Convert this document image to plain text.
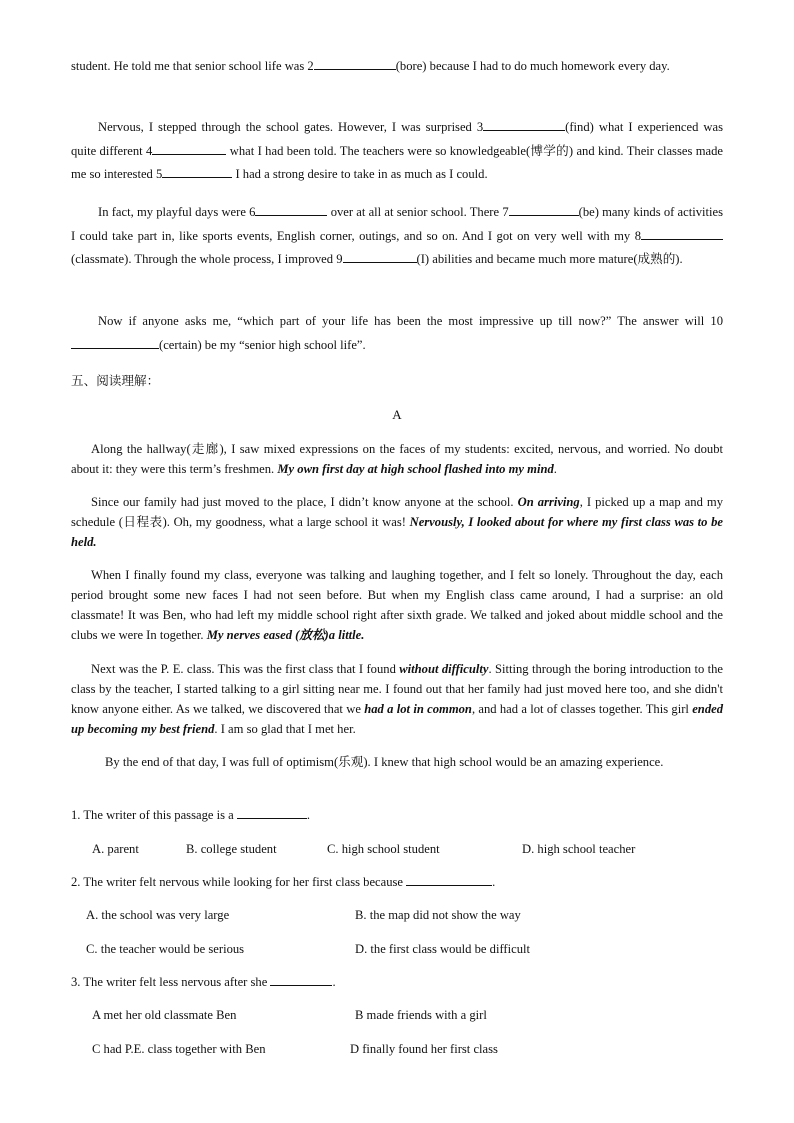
student. He told me that senior school life was 2	(bore) because I had to do much homework every day.

Nervous, I stepped through the school gates. However, I was surprised 3	(find) what I experienced was quite different 4	what I had been told. The teachers were so knowledgeable(博学的) and kind. Their classes made me so interested 5	I had a strong desire to take in as much as I could.

In fact, my playful days were 6	over at all at senior school. There 7	(be) many kinds of activities I could take part in, like sports events, English corner, outings, and so on. And I got on very well with my 8(classmate). Through the whole process, I improved 9	(I) abilities and became much more mature(成熟的).

Now if anyone asks me, “which part of your life has been the most impressive up till now?” The answer will 10(certain) be my “senior high school life”.

五、阅读理解：
A

Along the hallway(走廊), I saw mixed expressions on the faces of my students: excited, nervous, and worried. No doubt about it: they were this term’s freshmen. My own first day at high school flashed into my mind.

Since our family had just moved to the place, I didn’t know anyone at the school. On arriving, I picked up a map and my schedule (日程表). Oh, my goodness, what a large school it was! Nervously, I looked about for where my first class was to be held.

When I finally found my class, everyone was talking and laughing together, and I felt so lonely. Throughout the day, each period brought some new faces I had not seen before. But when my English class came around, I had a surprise: an old classmate! It was Ben, who had left my middle school right after sixth grade. We talked and joked about middle school and the clubs we were In together. My nerves eased (放松)a little.

Next was the P. E. class. This was the first class that I found without difficulty. Sitting through the boring introduction to the class by the teacher, I started talking to a girl sitting near me. I found out that her family had just moved here too, and she didn't know anyone either. As we talked, we discovered that we had a lot in common, and had a lot of classes together. This girl ended up becoming my best friend. I am so glad that I met her.

By the end of that day, I was full of optimism(乐观). I knew that high school would be an amazing experience.

1. The writer of this passage is a	.
A. parent	B. college student	C. high school student	D. high school teacher
2. The writer felt nervous while looking for her first class because	.
A. the school was very large	B. the map did not show the way
C. the teacher would be serious	D. the first class would be difficult
3. The writer felt less nervous after she	.
A met her old classmate Ben	B made friends with a girl
C had P.E. class together with Ben	D finally found her first class
